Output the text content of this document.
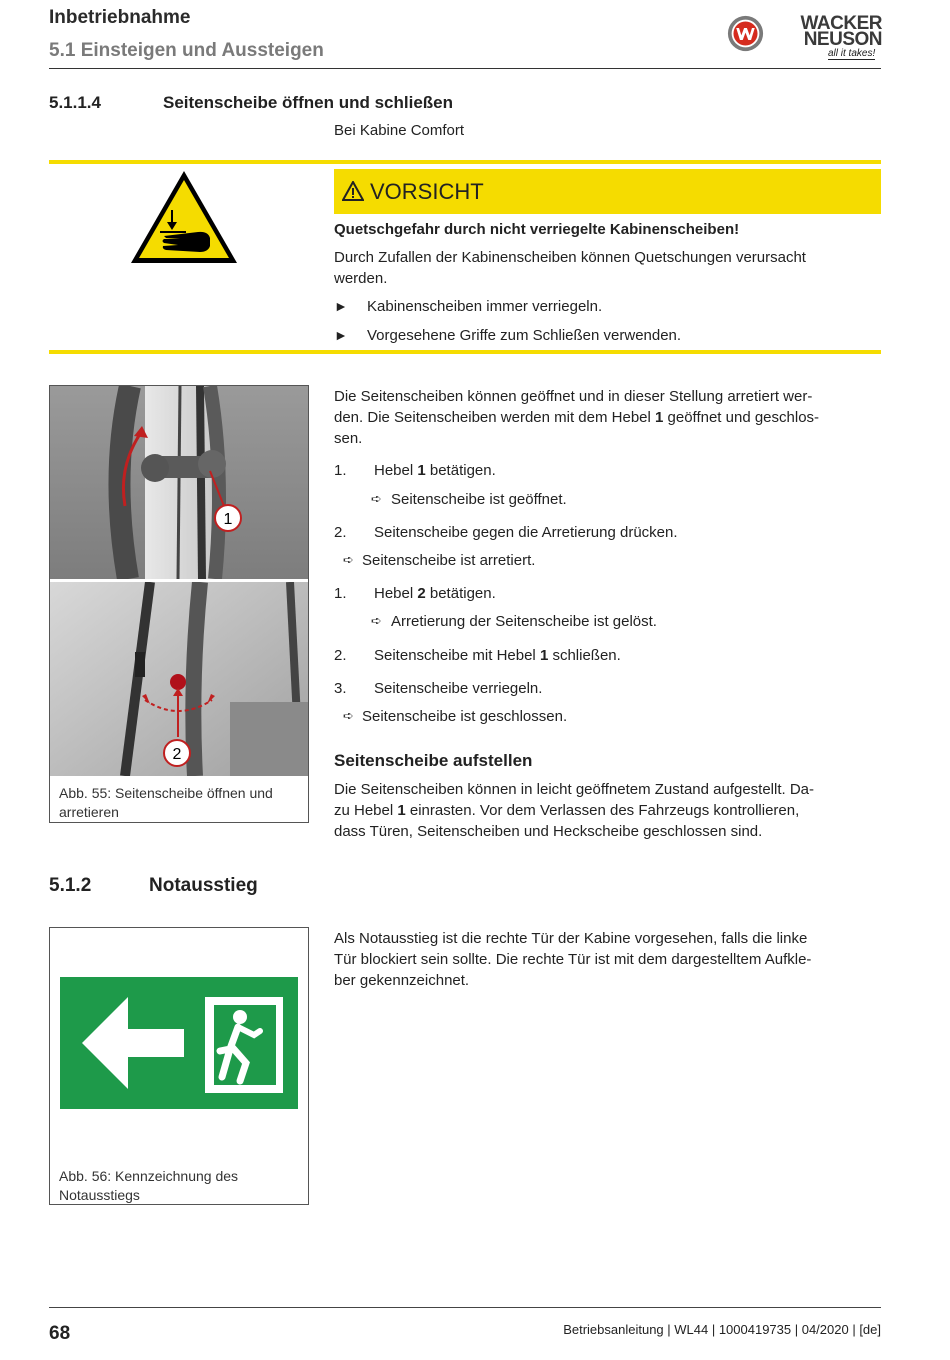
Inbetriebnahme
5.1 Einsteigen und Aussteigen
WACKER
NEUSON
all it takes!
5.1.1.4	Seitenscheibe öffnen und schließen
Bei Kabine Comfort
VORSICHT
Quetschgefahr durch nicht verriegelte Kabinenscheiben!
Durch Zufallen der Kabinenscheiben können Quetschungen verursacht
werden.
► Kabinenscheiben immer verriegeln.
► Vorgesehene Griffe zum Schließen verwenden.
1
2
Abb. 55: Seitenscheibe öffnen und
arretieren
Die Seitenscheiben können geöffnet und in dieser Stellung arretiert wer-
den. Die Seitenscheiben werden mit dem Hebel 1 geöffnet und geschlos-
sen.
1. Hebel 1 betätigen.
➪ Seitenscheibe ist geöffnet.
2. Seitenscheibe gegen die Arretierung drücken.
➪ Seitenscheibe ist arretiert.
1. Hebel 2 betätigen.
➪ Arretierung der Seitenscheibe ist gelöst.
2. Seitenscheibe mit Hebel 1 schließen.
3. Seitenscheibe verriegeln.
➪ Seitenscheibe ist geschlossen.
Seitenscheibe aufstellen
Die Seitenscheiben können in leicht geöffnetem Zustand aufgestellt. Da-
zu Hebel 1 einrasten. Vor dem Verlassen des Fahrzeugs kontrollieren,
dass Türen, Seitenscheiben und Heckscheibe geschlossen sind.
5.1.2	Notausstieg
Abb. 56: Kennzeichnung des
Notausstiegs
Als Notausstieg ist die rechte Tür der Kabine vorgesehen, falls die linke
Tür blockiert sein sollte. Die rechte Tür ist mit dem dargestelltem Aufkle-
ber gekennzeichnet.
68	Betriebsanleitung | WL44 | 1000419735 | 04/2020 | [de]
